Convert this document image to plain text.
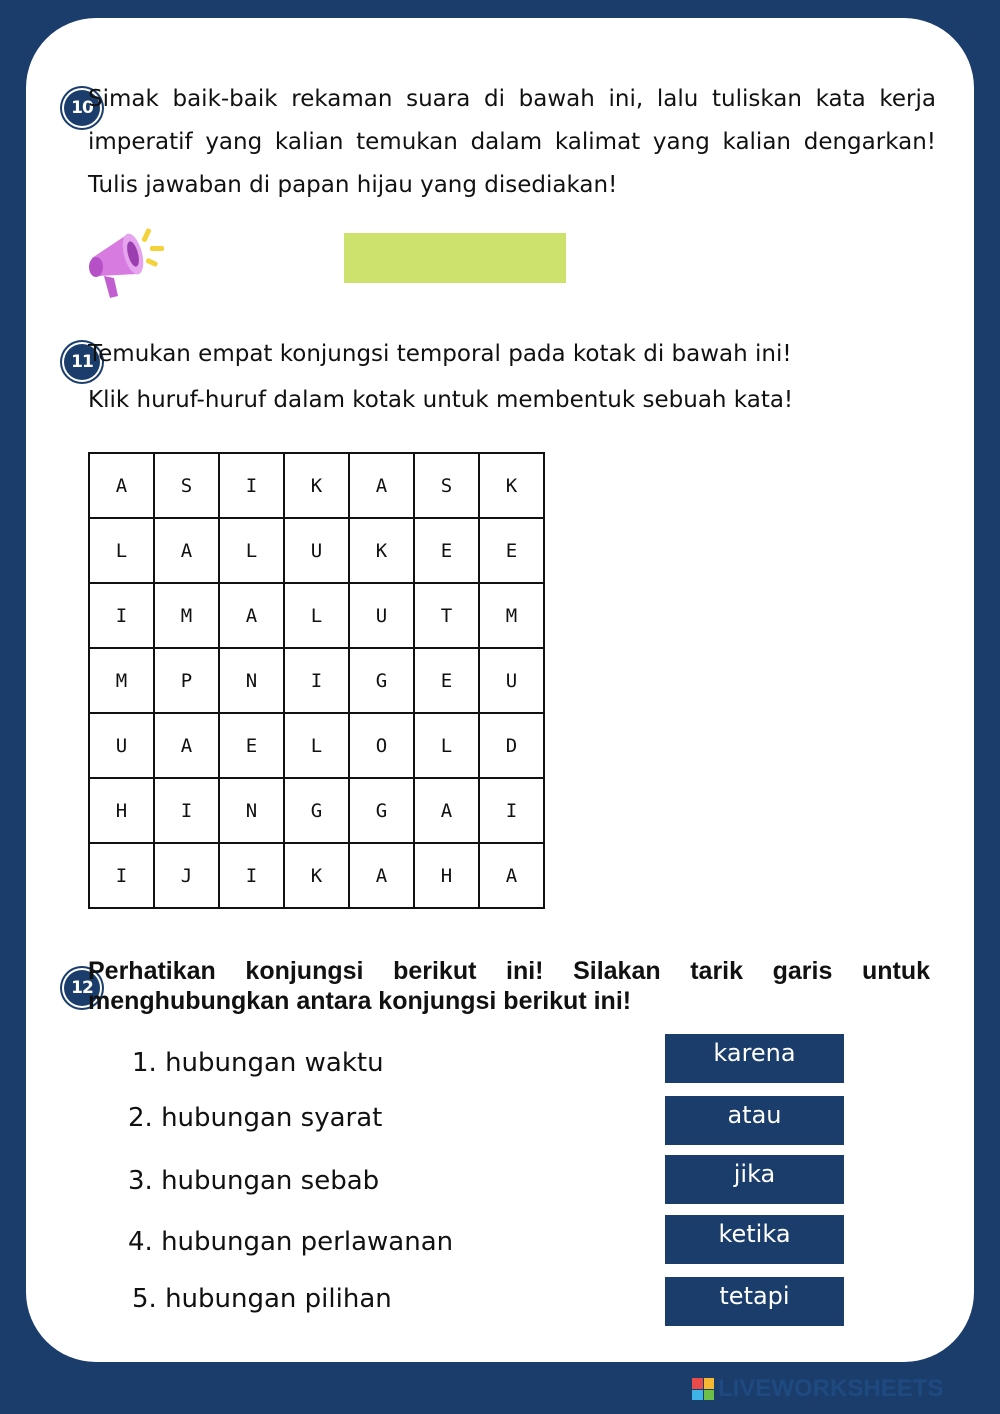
10
Simak baik-baik rekaman suara di bawah ini, lalu tuliskan kata kerja
imperatif yang kalian temukan dalam kalimat yang kalian dengarkan!
Tulis jawaban di papan hijau yang disediakan!
11
Temukan empat konjungsi temporal pada kotak di bawah ini!
Klik huruf-huruf dalam kotak untuk membentuk sebuah kata!
12
Perhatikan konjungsi berikut ini! Silakan tarik garis untuk
menghubungkan antara konjungsi berikut ini!
A	S	I	K	A	S	K
L	A	L	U	K	E	E
I	M	A	L	U	T	M
M	P	N	I	G	E	U
U	A	E	L	O	L	D
H	I	N	G	G	A	I
I	J	I	K	A	H	A
1. hubungan waktu
2. hubungan syarat
3. hubungan sebab
4. hubungan perlawanan
5. hubungan pilihan
karena
atau
jika
ketika
tetapi
LIVEWORKSHEETS
